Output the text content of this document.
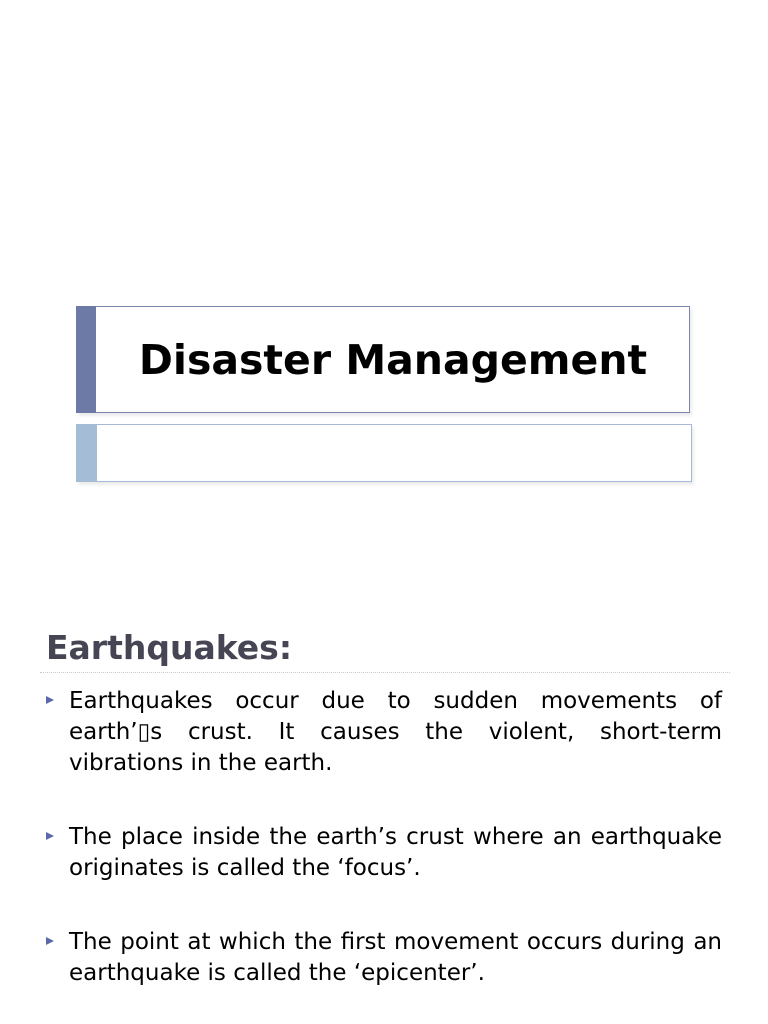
Disaster Management
Earthquakes:
Earthquakes occur due to sudden movements of earth’▯s crust. It causes the violent, short-term vibrations in the earth.
The place inside the earth’s crust where an earthquake originates is called the ‘focus’.
The point at which the first movement occurs during an earthquake is called the ‘epicenter’.
